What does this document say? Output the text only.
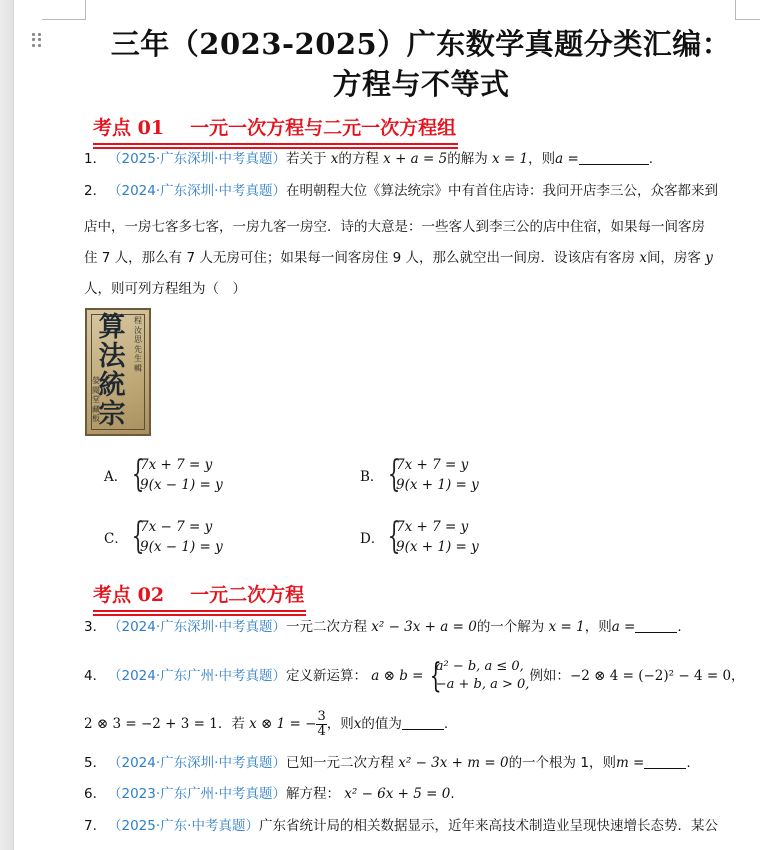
三年（2023-2025）广东数学真题分类汇编：
方程与不等式
考点 01 一元一次方程与二元一次方程组
1． （2025·广东深圳·中考真题）若关于 x的方程 x + a = 5的解为 x = 1，则a =	.
2． （2024·广东深圳·中考真题）在明朝程大位《算法统宗》中有首住店诗：我问开店李三公，众客都来到
店中，一房七客多七客，一房九客一房空．诗的大意是：一些客人到李三公的店中住宿，如果每一间客房
住 7 人，那么有 7 人无房可住；如果每一间客房住 9 人，那么就空出一间房．设该店有客房 x间，房客 y
人，则可列方程组为（　）
算法統宗
程汝思先生輯
嫈閱堂藏板
A． {
7x + 7 = y
9(x − 1) = y	B． {
7x + 7 = y
9(x + 1) = y
C． {
7x − 7 = y
9(x − 1) = y	D． {
7x + 7 = y
9(x + 1) = y
考点 02 一元二次方程
3． （2024·广东深圳·中考真题）一元二次方程 x² − 3x + a = 0的一个解为 x = 1，则a =	.
4． （2024·广东广州·中考真题）定义新运算： a ⊗ b = {
a² − b, a ≤ 0,
−a + b, a > 0,
例如：−2 ⊗ 4 = (−2)² − 4 = 0，
2 ⊗ 3 = −2 + 3 = 1．若 x ⊗ 1 = − $\frac{3}{4}$ ，则x的值为	.
5． （2024·广东深圳·中考真题）已知一元二次方程 x² − 3x + m = 0的一个根为 1，则m =	.
6． （2023·广东广州·中考真题）解方程： x² − 6x + 5 = 0.
7． （2025·广东·中考真题）广东省统计局的相关数据显示，近年来高技术制造业呈现快速增长态势．某公
